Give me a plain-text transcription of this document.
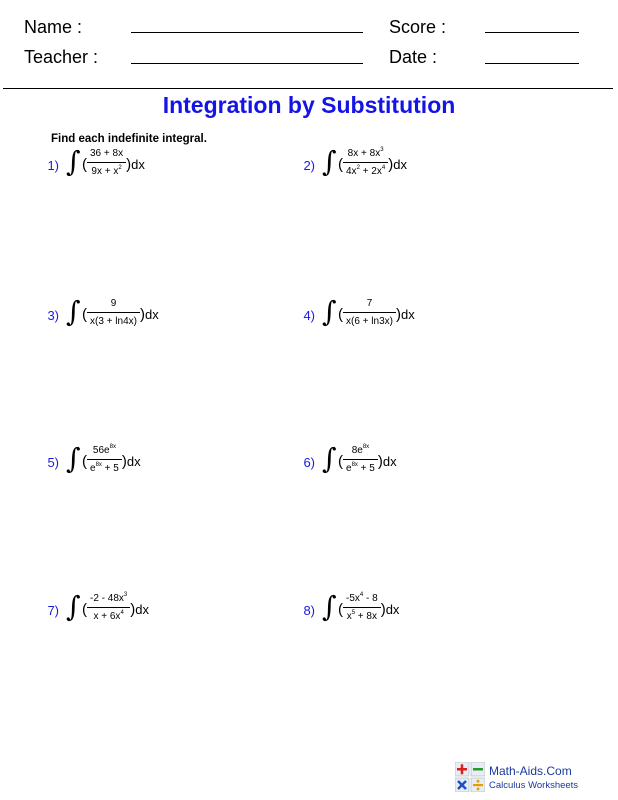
Name :	Score :
Teacher :	Date :
Integration by Substitution
Find each indefinite integral.
1) ∫ (
36 + 8x
$9x + x^2$ )dx	2) ∫ (
$8x + 8x^3$
$4x^2 + 2x^4$ )dx
3) ∫ (
9
x(3 + ln4x) )dx	4) ∫ (
7
x(6 + ln3x) )dx
5) ∫ (
$56e^{8x}$
$e^{8x} + 5$ )dx	6) ∫ (
$8e^{8x}$
$e^{8x} + 5$ )dx
7) ∫ (
$-2 - 48x^3$
$x + 6x^4$ )dx	8) ∫ (
$-5x^4 - 8$
$x^5 + 8x$ )dx
Math-Aids.Com
Calculus Worksheets
